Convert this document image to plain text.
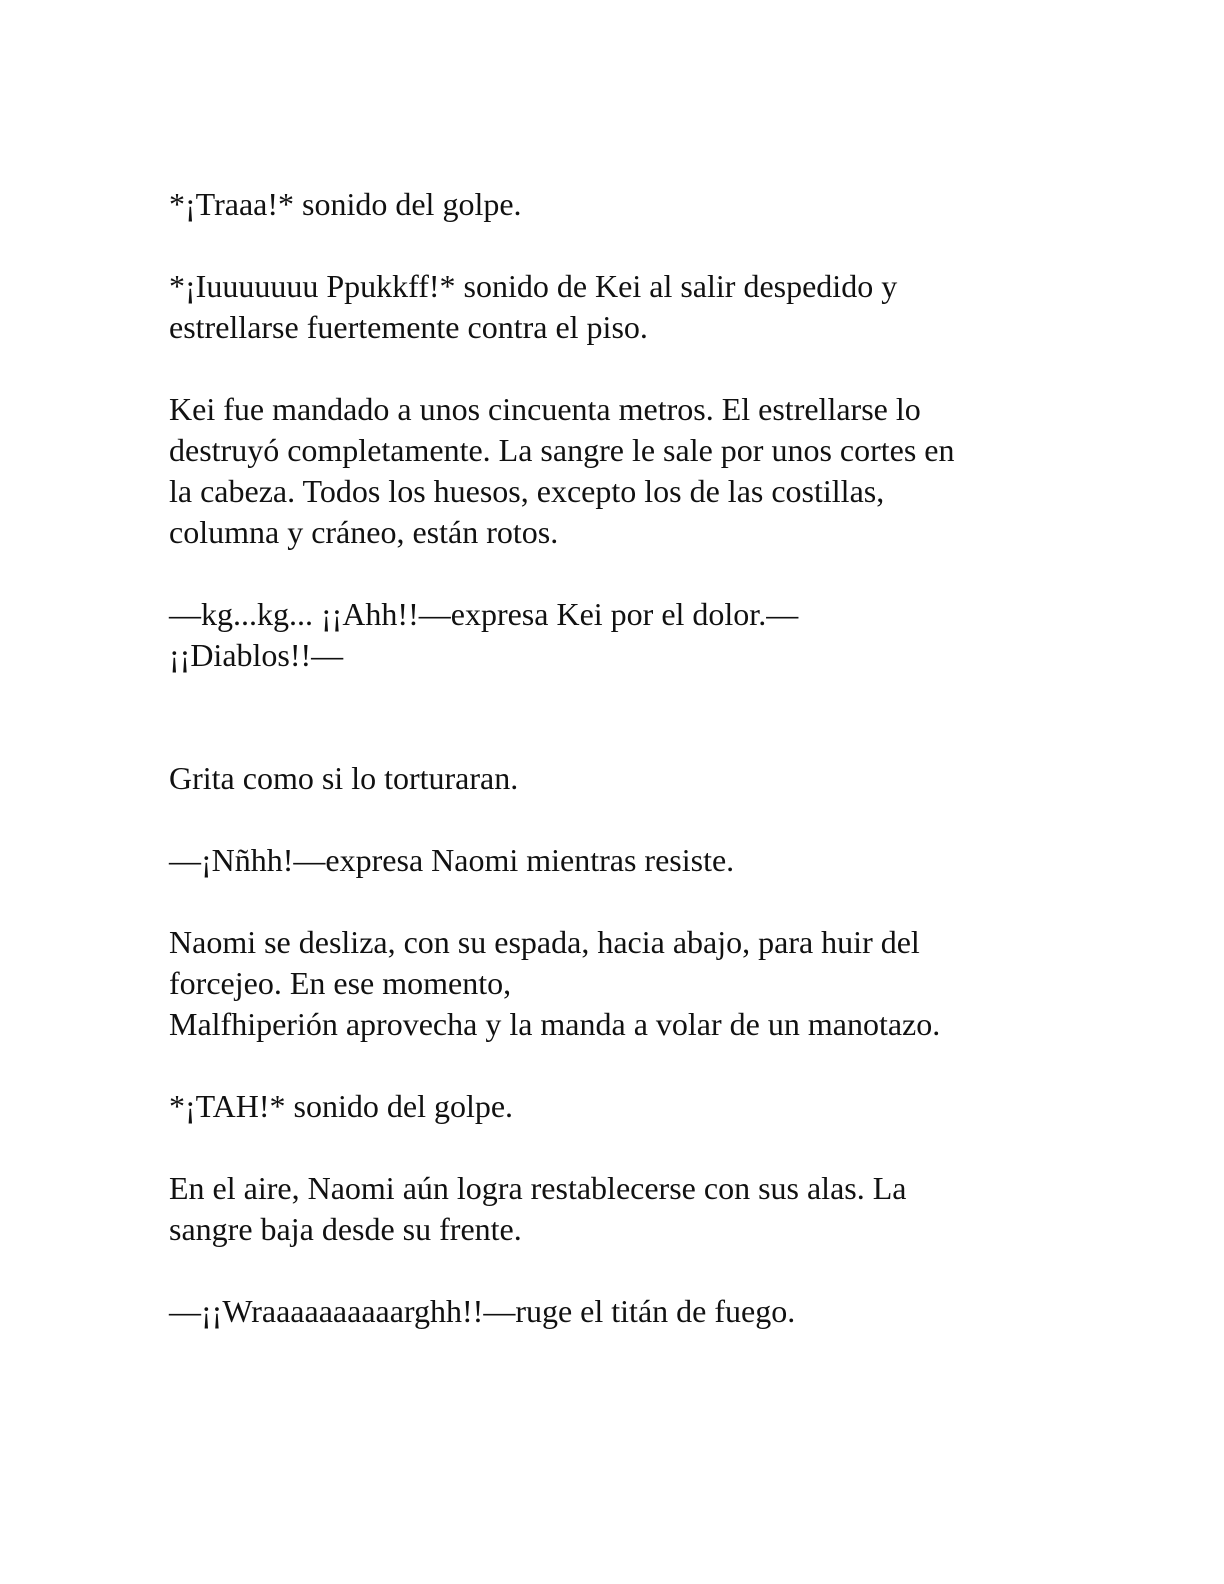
*¡Traaa!* sonido del golpe.

*¡Iuuuuuuu Ppukkff!* sonido de Kei al salir despedido y

estrellarse fuertemente contra el piso.

Kei fue mandado a unos cincuenta metros. El estrellarse lo

destruyó completamente. La sangre le sale por unos cortes en

la cabeza. Todos los huesos, excepto los de las costillas,

columna y cráneo, están rotos.

—kg...kg... ¡¡Ahh!!—expresa Kei por el dolor.—

¡¡Diablos!!—

Grita como si lo torturaran.

—¡Nñhh!—expresa Naomi mientras resiste.

Naomi se desliza, con su espada, hacia abajo, para huir del

forcejeo. En ese momento,

Malfhiperión aprovecha y la manda a volar de un manotazo.

*¡TAH!* sonido del golpe.

En el aire, Naomi aún logra restablecerse con sus alas. La

sangre baja desde su frente.

—¡¡Wraaaaaaaaaarghh!!—ruge el titán de fuego.
